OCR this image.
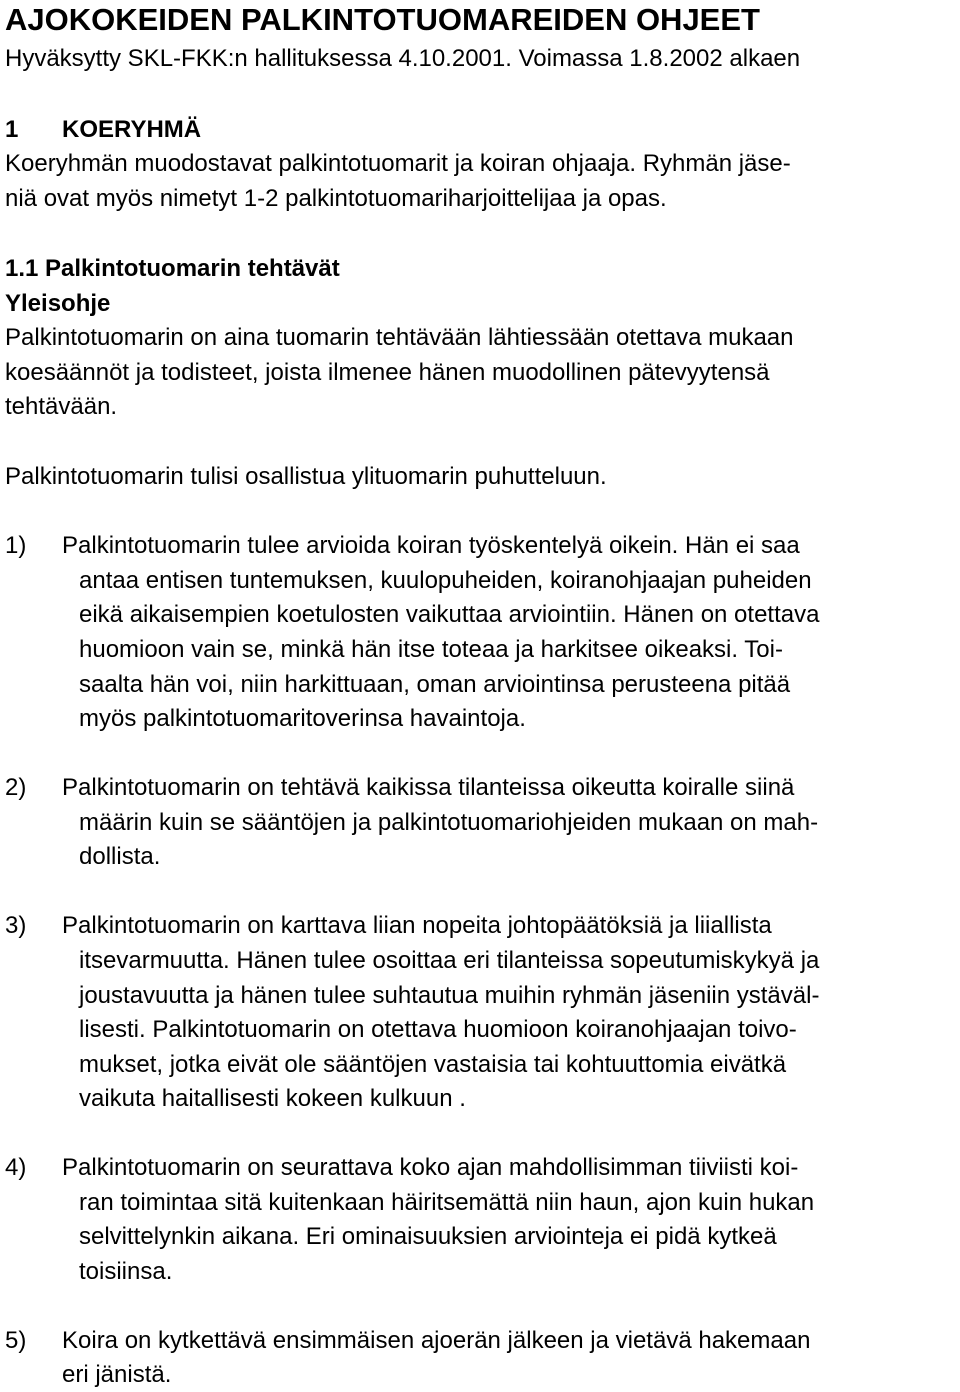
AJOKOKEIDEN PALKINTOTUOMAREIDEN OHJEET
Hyväksytty SKL-FKK:n hallituksessa 4.10.2001. Voimassa 1.8.2002 alkaen
1 KOERYHMÄ
Koeryhmän muodostavat palkintotuomarit ja koiran ohjaaja. Ryhmän jäse-
niä ovat myös nimetyt 1-2 palkintotuomariharjoittelijaa ja opas.
1.1 Palkintotuomarin tehtävät
Yleisohje
Palkintotuomarin on aina tuomarin tehtävään lähtiessään otettava mukaan
koesäännöt ja todisteet, joista ilmenee hänen muodollinen pätevyytensä
tehtävään.
Palkintotuomarin tulisi osallistua ylituomarin puhutteluun.
1) Palkintotuomarin tulee arvioida koiran työskentelyä oikein. Hän ei saa
antaa entisen tuntemuksen, kuulopuheiden, koiranohjaajan puheiden
eikä aikaisempien koetulosten vaikuttaa arviointiin. Hänen on otettava
huomioon vain se, minkä hän itse toteaa ja harkitsee oikeaksi. Toi-
saalta hän voi, niin harkittuaan, oman arviointinsa perusteena pitää
myös palkintotuomaritoverinsa havaintoja.
2) Palkintotuomarin on tehtävä kaikissa tilanteissa oikeutta koiralle siinä
määrin kuin se sääntöjen ja palkintotuomariohjeiden mukaan on mah-
dollista.
3) Palkintotuomarin on karttava liian nopeita johtopäätöksiä ja liiallista
itsevarmuutta. Hänen tulee osoittaa eri tilanteissa sopeutumiskykyä ja
joustavuutta ja hänen tulee suhtautua muihin ryhmän jäseniin ystäväl-
lisesti. Palkintotuomarin on otettava huomioon koiranohjaajan toivo-
mukset, jotka eivät ole sääntöjen vastaisia tai kohtuuttomia eivätkä
vaikuta haitallisesti kokeen kulkuun .
4) Palkintotuomarin on seurattava koko ajan mahdollisimman tiiviisti koi-
ran toimintaa sitä kuitenkaan häiritsemättä niin haun, ajon kuin hukan
selvittelynkin aikana. Eri ominaisuuksien arviointeja ei pidä kytkeä
toisiinsa.
5) Koira on kytkettävä ensimmäisen ajoerän jälkeen ja vietävä hakemaan
eri jänistä.
